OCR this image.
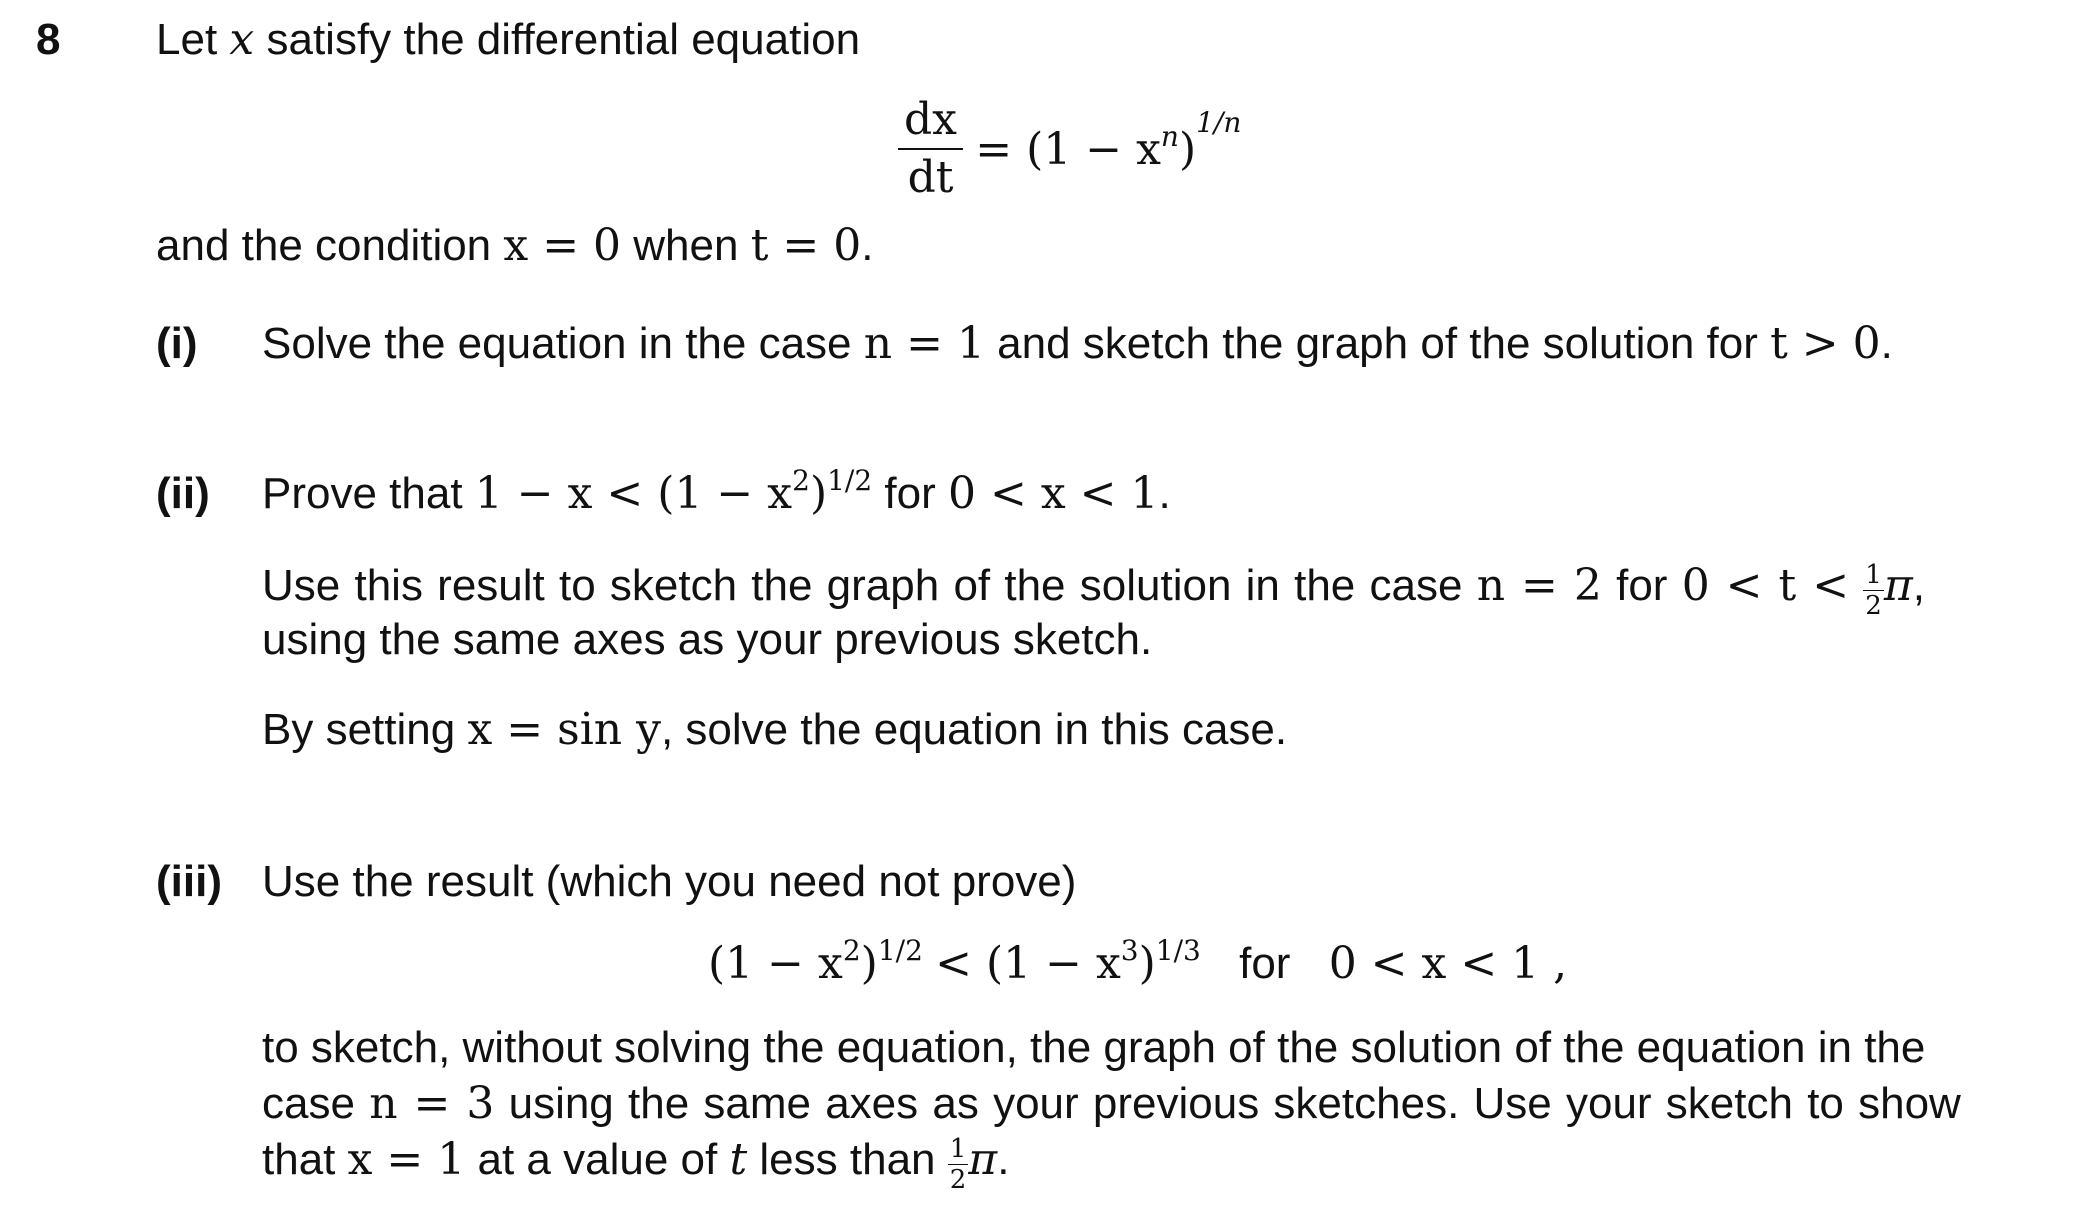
8 Let x satisfy the differential equation
$\frac{dx}{dt} = (1 - x^n)^{1/n}$
and the condition x = 0 when t = 0.
(i) Solve the equation in the case n = 1 and sketch the graph of the solution for t > 0.
(ii) Prove that $1 - x < (1 - x^2)^{1/2}$ for 0 < x < 1.
Use this result to sketch the graph of the solution in the case n = 2 for $0 < t < \frac{1}{2} \pi$,
using the same axes as your previous sketch.
By setting x = sin y, solve the equation in this case.
(iii) Use the result (which you need not prove)
$(1 - x^2)^{1/2} < (1 - x^3)^{1/3}$ for 0 < x < 1 ,
to sketch, without solving the equation, the graph of the solution of the equation in the
case n = 3 using the same axes as your previous sketches. Use your sketch to show
that x = 1 at a value of t less than $\frac{1}{2} \pi$.
